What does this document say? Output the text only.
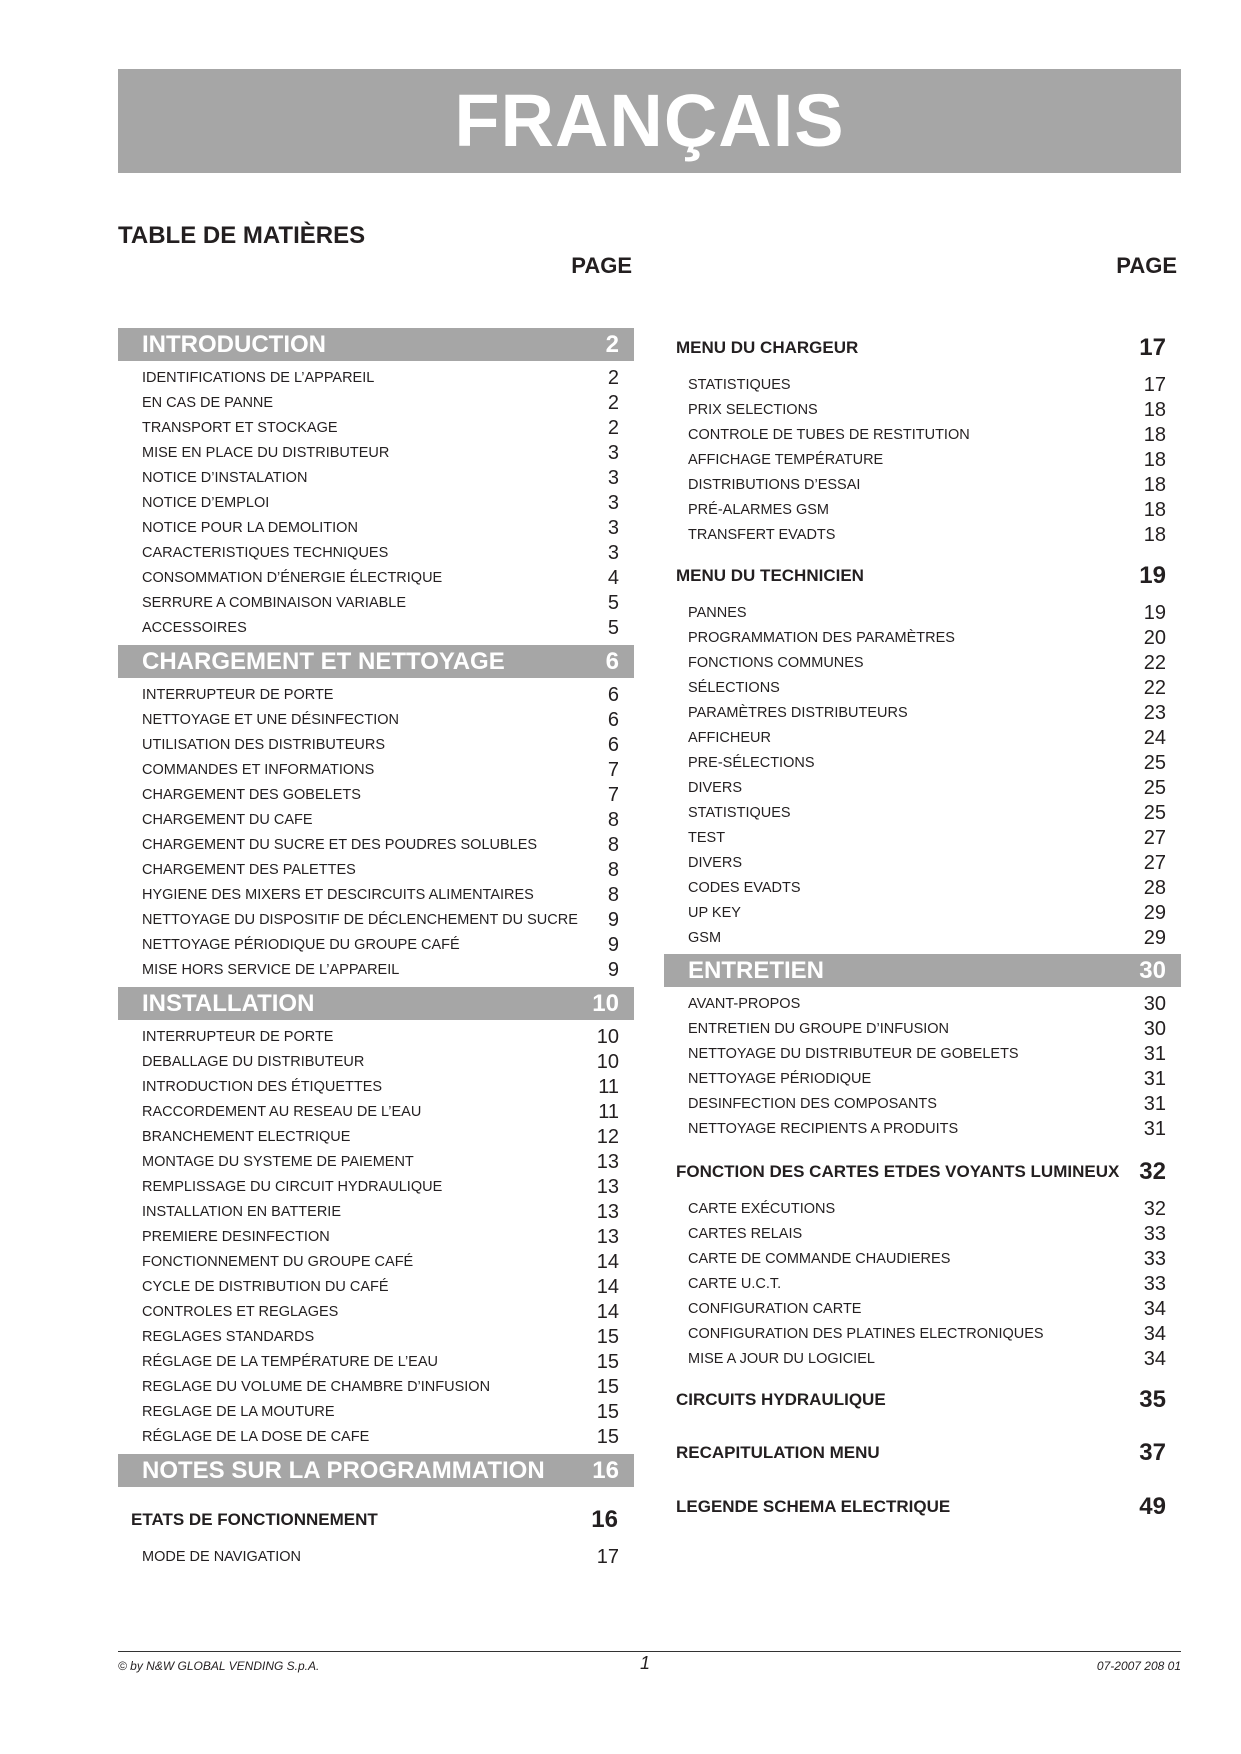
FRANÇAIS
TABLE DE MATIÈRES
PAGE	PAGE
INTRODUCTION	2
IDENTIFICATIONS DE L’APPAREIL	2
EN CAS DE PANNE	2
TRANSPORT ET STOCKAGE	2
MISE EN PLACE DU DISTRIBUTEUR	3
NOTICE D’INSTALATION	3
NOTICE D’EMPLOI	3
NOTICE POUR LA DEMOLITION	3
CARACTERISTIQUES TECHNIQUES	3
CONSOMMATION D’ÉNERGIE ÉLECTRIQUE	4
SERRURE A COMBINAISON VARIABLE	5
ACCESSOIRES	5
CHARGEMENT ET NETTOYAGE	6
INTERRUPTEUR DE PORTE	6
NETTOYAGE ET UNE DÉSINFECTION	6
UTILISATION DES DISTRIBUTEURS	6
COMMANDES ET INFORMATIONS	7
CHARGEMENT DES GOBELETS	7
CHARGEMENT DU CAFE	8
CHARGEMENT DU SUCRE ET DES POUDRES SOLUBLES	8
CHARGEMENT DES PALETTES	8
HYGIENE DES MIXERS ET DESCIRCUITS ALIMENTAIRES	8
NETTOYAGE DU DISPOSITIF DE DÉCLENCHEMENT DU SUCRE 9
NETTOYAGE PÉRIODIQUE DU GROUPE CAFÉ	9
MISE HORS SERVICE DE L’APPAREIL	9
INSTALLATION	10
INTERRUPTEUR DE PORTE	10
DEBALLAGE DU DISTRIBUTEUR	10
INTRODUCTION DES ÉTIQUETTES	11
RACCORDEMENT AU RESEAU DE L’EAU	11
BRANCHEMENT ELECTRIQUE	12
MONTAGE DU SYSTEME DE PAIEMENT	13
REMPLISSAGE DU CIRCUIT HYDRAULIQUE	13
INSTALLATION EN BATTERIE	13
PREMIERE DESINFECTION	13
FONCTIONNEMENT DU GROUPE CAFÉ	14
CYCLE DE DISTRIBUTION DU CAFÉ	14
CONTROLES ET REGLAGES	14
REGLAGES STANDARDS	15
RÉGLAGE DE LA TEMPÉRATURE DE L’EAU	15
REGLAGE DU VOLUME DE CHAMBRE D’INFUSION	15
REGLAGE DE LA MOUTURE	15
RÉGLAGE DE LA DOSE DE CAFE	15
NOTES SUR LA PROGRAMMATION 16
ETATS DE FONCTIONNEMENT	16
MODE DE NAVIGATION	17
MENU DU CHARGEUR	17
STATISTIQUES	17
PRIX SELECTIONS	18
CONTROLE DE TUBES DE RESTITUTION	18
AFFICHAGE TEMPÉRATURE	18
DISTRIBUTIONS D’ESSAI	18
PRÉ-ALARMES GSM	18
TRANSFERT EVADTS	18
MENU DU TECHNICIEN	19
PANNES	19
PROGRAMMATION DES PARAMÈTRES	20
FONCTIONS COMMUNES	22
SÉLECTIONS	22
PARAMÈTRES DISTRIBUTEURS	23
AFFICHEUR	24
PRE-SÉLECTIONS	25
DIVERS	25
STATISTIQUES	25
TEST	27
DIVERS	27
CODES EVADTS	28
UP KEY	29
GSM	29
ENTRETIEN	30
AVANT-PROPOS	30
ENTRETIEN DU GROUPE D’INFUSION	30
NETTOYAGE DU DISTRIBUTEUR DE GOBELETS	31
NETTOYAGE PÉRIODIQUE	31
DESINFECTION DES COMPOSANTS	31
NETTOYAGE RECIPIENTS A PRODUITS	31
FONCTION DES CARTES ETDES VOYANTS LUMINEUX 32
CARTE EXÉCUTIONS	32
CARTES RELAIS	33
CARTE DE COMMANDE CHAUDIERES	33
CARTE U.C.T.	33
CONFIGURATION CARTE	34
CONFIGURATION DES PLATINES ELECTRONIQUES	34
MISE A JOUR DU LOGICIEL	34
CIRCUITS HYDRAULIQUE	35
RECAPITULATION MENU	37
LEGENDE SCHEMA ELECTRIQUE	49
© by N&W GLOBAL VENDING S.p.A.	1	07-2007 208 01
